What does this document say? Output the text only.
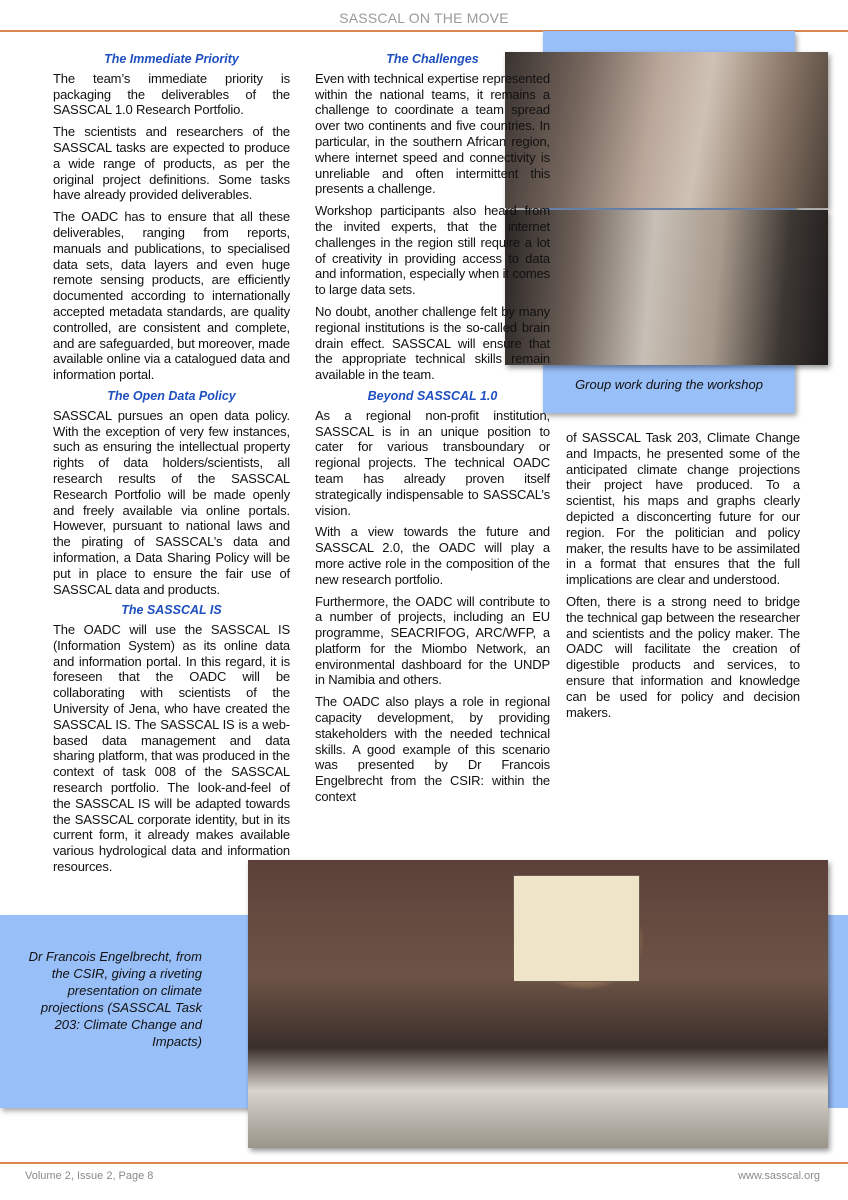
SASSCAL ON THE MOVE
Group work during the workshop
The Immediate Priority

The team’s immediate priority is packaging the deliverables of the SASSCAL 1.0 Research Portfolio.

The scientists and researchers of the SASSCAL tasks are expected to produce a wide range of products, as per the original project definitions. Some tasks have already provided deliverables.

The OADC has to ensure that all these deliverables, ranging from reports, manuals and publications, to specialised data sets, data layers and even huge remote sensing products, are efficiently documented according to internationally accepted metadata standards, are quality controlled, are consistent and complete, and are safeguarded, but moreover, made available online via a catalogued data and information portal.

The Open Data Policy

SASSCAL pursues an open data policy. With the exception of very few instances, such as ensuring the intellectual property rights of data holders/scientists, all research results of the SASSCAL Research Portfolio will be made openly and freely available via online portals. However, pursuant to national laws and the pirating of SASSCAL’s data and information, a Data Sharing Policy will be put in place to ensure the fair use of SASSCAL data and products.

The SASSCAL IS

The OADC will use the SASSCAL IS (Information System) as its online data and information portal. In this regard, it is foreseen that the OADC will be collaborating with scientists of the University of Jena, who have created the SASSCAL IS. The SASSCAL IS is a web-based data management and data sharing platform, that was produced in the context of task 008 of the SASSCAL research portfolio. The look-and-feel of the SASSCAL IS will be adapted towards the SASSCAL corporate identity, but in its current form, it already makes available various hydrological data and information resources.

The Challenges

Even with technical expertise represented within the national teams, it remains a challenge to coordinate a team spread over two continents and five countries. In particular, in the southern African region, where internet speed and connectivity is unreliable and often intermittent this presents a challenge.

Workshop participants also heard from the invited experts, that the internet challenges in the region still require a lot of creativity in providing access to data and information, especially when it comes to large data sets.

No doubt, another challenge felt by many regional institutions is the so-called brain drain effect. SASSCAL will ensure that the appropriate technical skills remain available in the team.

Beyond SASSCAL 1.0

As a regional non-profit institution, SASSCAL is in an unique position to cater for various transboundary or regional projects. The technical OADC team has already proven itself strategically indispensable to SASSCAL’s vision.

With a view towards the future and SASSCAL 2.0, the OADC will play a more active role in the composition of the new research portfolio.

Furthermore, the OADC will contribute to a number of projects, including an EU programme, SEACRIFOG, ARC/WFP, a platform for the Miombo Network, an environmental dashboard for the UNDP in Namibia and others.

The OADC also plays a role in regional capacity development, by providing stakeholders with the needed technical skills. A good example of this scenario was presented by Dr Francois Engelbrecht from the CSIR: within the context

of SASSCAL Task 203, Climate Change and Impacts, he presented some of the anticipated climate change projections their project have produced. To a scientist, his maps and graphs clearly depicted a disconcerting future for our region. For the politician and policy maker, the results have to be assimilated in a format that ensures that the full implications are clear and understood.

Often, there is a strong need to bridge the technical gap between the researcher and scientists and the policy maker. The OADC will facilitate the creation of digestible products and services, to ensure that information and knowledge can be used for policy and decision makers.

Dr Francois Engelbrecht, from the CSIR, giving a riveting presentation on climate projections (SASSCAL Task 203: Climate Change and Impacts)
Volume 2, Issue 2, Page 8	www.sasscal.org
